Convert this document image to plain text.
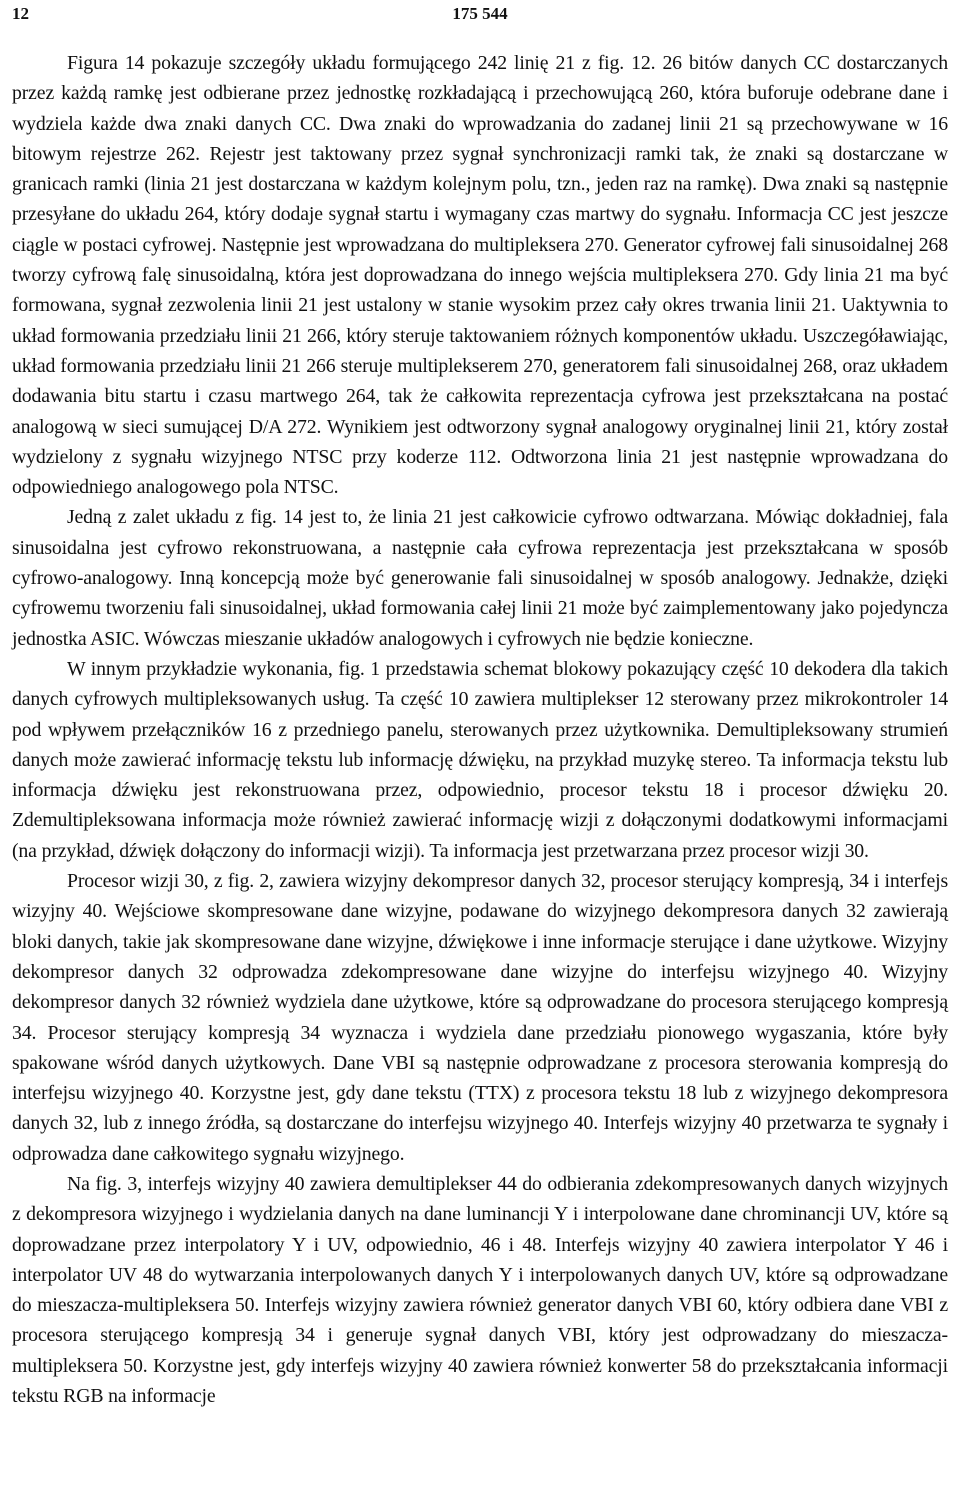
12	175 544

Figura 14 pokazuje szczegóły układu formującego 242 linię 21 z fig. 12. 26 bitów danych CC dostarczanych przez każdą ramkę jest odbierane przez jednostkę rozkładającą i przechowującą 260, która buforuje odebrane dane i wydziela każde dwa znaki danych CC. Dwa znaki do wprowadzania do zadanej linii 21 są przechowywane w 16 bitowym rejestrze 262. Rejestr jest taktowany przez sygnał synchronizacji ramki tak, że znaki są dostarczane w granicach ramki (linia 21 jest dostarczana w każdym kolejnym polu, tzn., jeden raz na ramkę). Dwa znaki są następnie przesyłane do układu 264, który dodaje sygnał startu i wymagany czas martwy do sygnału. Informacja CC jest jeszcze ciągle w postaci cyfrowej. Następnie jest wprowadzana do multipleksera 270. Generator cyfrowej fali sinusoidalnej 268 tworzy cyfrową falę sinusoidalną, która jest doprowadzana do innego wejścia multipleksera 270. Gdy linia 21 ma być formowana, sygnał zezwolenia linii 21 jest ustalony w stanie wysokim przez cały okres trwania linii 21. Uaktywnia to układ formowania przedziału linii 21 266, który steruje taktowaniem różnych komponentów układu. Uszczegóławiając, układ formowania przedziału linii 21 266 steruje multiplekserem 270, generatorem fali sinusoidalnej 268, oraz układem dodawania bitu startu i czasu martwego 264, tak że całkowita reprezentacja cyfrowa jest przekształcana na postać analogową w sieci sumującej D/A 272. Wynikiem jest odtworzony sygnał analogowy oryginalnej linii 21, który został wydzielony z sygnału wizyjnego NTSC przy koderze 112. Odtworzona linia 21 jest następnie wprowadzana do odpowiedniego analogowego pola NTSC.

Jedną z zalet układu z fig. 14 jest to, że linia 21 jest całkowicie cyfrowo odtwarzana. Mówiąc dokładniej, fala sinusoidalna jest cyfrowo rekonstruowana, a następnie cała cyfrowa reprezentacja jest przekształcana w sposób cyfrowo-analogowy. Inną koncepcją może być generowanie fali sinusoidalnej w sposób analogowy. Jednakże, dzięki cyfrowemu tworzeniu fali sinusoidalnej, układ formowania całej linii 21 może być zaimplementowany jako pojedyncza jednostka ASIC. Wówczas mieszanie układów analogowych i cyfrowych nie będzie konieczne.

W innym przykładzie wykonania, fig. 1 przedstawia schemat blokowy pokazujący część 10 dekodera dla takich danych cyfrowych multipleksowanych usług. Ta część 10 zawiera multiplekser 12 sterowany przez mikrokontroler 14 pod wpływem przełączników 16 z przedniego panelu, sterowanych przez użytkownika. Demultipleksowany strumień danych może zawierać informację tekstu lub informację dźwięku, na przykład muzykę stereo. Ta informacja tekstu lub informacja dźwięku jest rekonstruowana przez, odpowiednio, procesor tekstu 18 i procesor dźwięku 20. Zdemultipleksowana informacja może również zawierać informację wizji z dołączonymi dodatkowymi informacjami (na przykład, dźwięk dołączony do informacji wizji). Ta informacja jest przetwarzana przez procesor wizji 30.

Procesor wizji 30, z fig. 2, zawiera wizyjny dekompresor danych 32, procesor sterujący kompresją, 34 i interfejs wizyjny 40. Wejściowe skompresowane dane wizyjne, podawane do wizyjnego dekompresora danych 32 zawierają bloki danych, takie jak skompresowane dane wizyjne, dźwiękowe i inne informacje sterujące i dane użytkowe. Wizyjny dekompresor danych 32 odprowadza zdekompresowane dane wizyjne do interfejsu wizyjnego 40. Wizyjny dekompresor danych 32 również wydziela dane użytkowe, które są odprowadzane do procesora sterującego kompresją 34. Procesor sterujący kompresją 34 wyznacza i wydziela dane przedziału pionowego wygaszania, które były spakowane wśród danych użytkowych. Dane VBI są następnie odprowadzane z procesora sterowania kompresją do interfejsu wizyjnego 40. Korzystne jest, gdy dane tekstu (TTX) z procesora tekstu 18 lub z wizyjnego dekompresora danych 32, lub z innego źródła, są dostarczane do interfejsu wizyjnego 40. Interfejs wizyjny 40 przetwarza te sygnały i odprowadza dane całkowitego sygnału wizyjnego.

Na fig. 3, interfejs wizyjny 40 zawiera demultiplekser 44 do odbierania zdekompresowanych danych wizyjnych z dekompresora wizyjnego i wydzielania danych na dane luminancji Y i interpolowane dane chrominancji UV, które są doprowadzane przez interpolatory Y i UV, odpowiednio, 46 i 48. Interfejs wizyjny 40 zawiera interpolator Y 46 i interpolator UV 48 do wytwarzania interpolowanych danych Y i interpolowanych danych UV, które są odprowadzane do mieszacza-multipleksera 50. Interfejs wizyjny zawiera również generator danych VBI 60, który odbiera dane VBI z procesora sterującego kompresją 34 i generuje sygnał danych VBI, który jest odprowadzany do mieszacza-multipleksera 50. Korzystne jest, gdy interfejs wizyjny 40 zawiera również konwerter 58 do przekształcania informacji tekstu RGB na informacje
